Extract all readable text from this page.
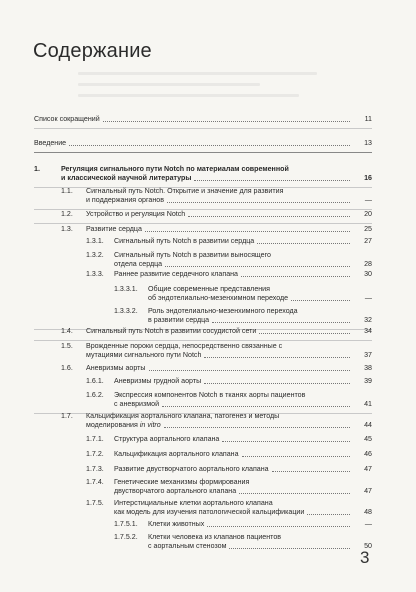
Содержание
Список сокращений	11
Введение	13
1.	Регуляция сигнального пути Notch по материалам современной
и классической научной литературы	16
1.1. Сигнальный путь Notch. Открытие и значение для развития
и поддержания органов	—
1.2. Устройство и регуляция Notch	20
1.3. Развитие сердца	25
1.3.1. Сигнальный путь Notch в развитии сердца	27
1.3.2. Сигнальный путь Notch в развитии выносящего
отдела сердца	28
1.3.3. Раннее развитие сердечного клапана	30
1.3.3.1. Общие современные представления
об эндотелиально-мезенхимном переходе	—
1.3.3.2. Роль эндотелиально-мезенхимного перехода
в развитии сердца	32
1.4. Сигнальный путь Notch в развитии сосудистой сети	34
1.5. Врожденные пороки сердца, непосредственно связанные с
мутациями сигнального пути Notch	37
1.6. Аневризмы аорты	38
1.6.1. Аневризмы грудной аорты	39
1.6.2. Экспрессия компонентов Notch в тканях аорты пациентов
с аневризмой	41
1.7. Кальцификация аортального клапана, патогенез и методы
моделирования in vitro	44
1.7.1. Структура аортального клапана	45
1.7.2. Кальцификация аортального клапана	46
1.7.3. Развитие двустворчатого аортального клапана	47
1.7.4. Генетические механизмы формирования
двустворчатого аортального клапана	47
1.7.5. Интерстициальные клетки аортального клапана
как модель для изучения патологической кальцификации	48
1.7.5.1. Клетки животных	—
1.7.5.2. Клетки человека из клапанов пациентов
с аортальным стенозом	50
3
